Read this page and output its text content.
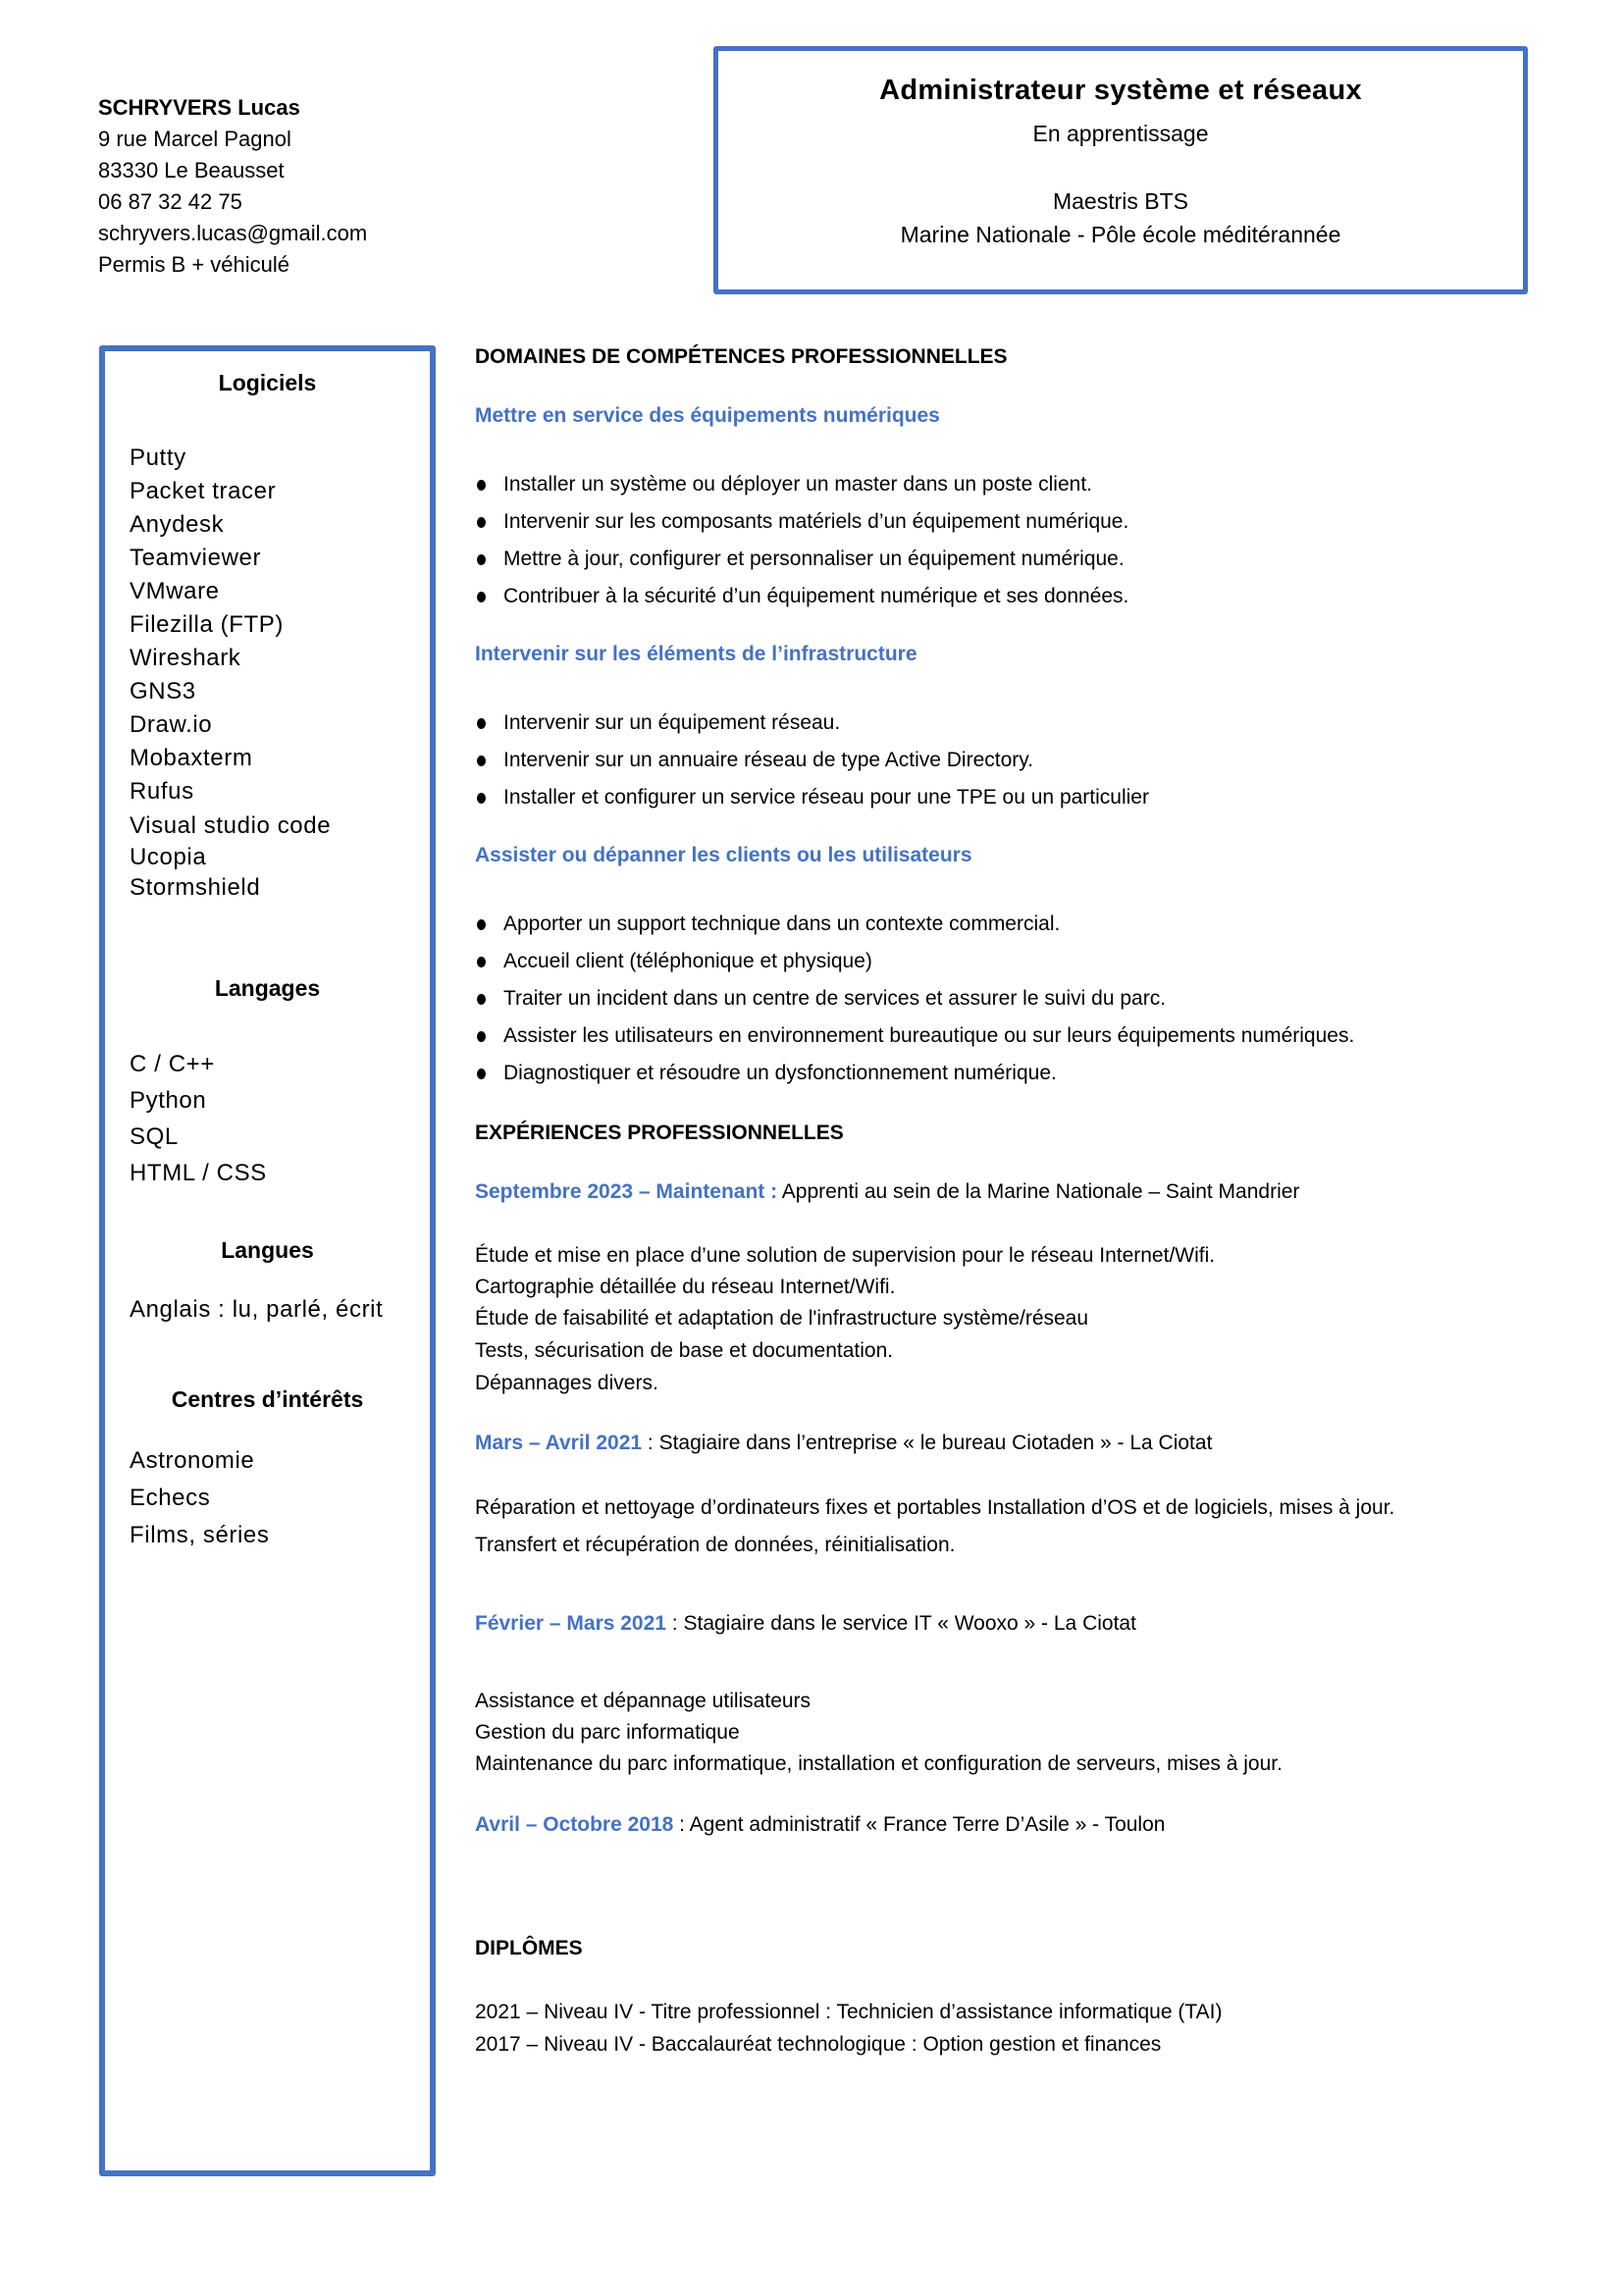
SCHRYVERS Lucas
9 rue Marcel Pagnol
83330 Le Beausset
06 87 32 42 75
schryvers.lucas@gmail.com
Permis B + véhiculé
Administrateur système et réseaux
En apprentissage
Maestris BTS
Marine Nationale - Pôle école méditérannée
Logiciels
Putty
Packet tracer
Anydesk
Teamviewer
VMware
Filezilla (FTP)
Wireshark
GNS3
Draw.io
Mobaxterm
Rufus
Visual studio code
Ucopia
Stormshield
Langages
C / C++
Python
SQL
HTML / CSS
Langues
Anglais : lu, parlé, écrit
Centres d’intérêts
Astronomie
Echecs
Films, séries
DOMAINES DE COMPÉTENCES PROFESSIONNELLES
Mettre en service des équipements numériques
Installer un système ou déployer un master dans un poste client.
Intervenir sur les composants matériels d’un équipement numérique.
Mettre à jour, configurer et personnaliser un équipement numérique.
Contribuer à la sécurité d’un équipement numérique et ses données.
Intervenir sur les éléments de l’infrastructure
Intervenir sur un équipement réseau.
Intervenir sur un annuaire réseau de type Active Directory.
Installer et configurer un service réseau pour une TPE ou un particulier
Assister ou dépanner les clients ou les utilisateurs
Apporter un support technique dans un contexte commercial.
Accueil client (téléphonique et physique)
Traiter un incident dans un centre de services et assurer le suivi du parc.
Assister les utilisateurs en environnement bureautique ou sur leurs équipements numériques.
Diagnostiquer et résoudre un dysfonctionnement numérique.
EXPÉRIENCES PROFESSIONNELLES
Septembre 2023 – Maintenant : Apprenti au sein de la Marine Nationale – Saint Mandrier
Étude et mise en place d’une solution de supervision pour le réseau Internet/Wifi.
Cartographie détaillée du réseau Internet/Wifi.
Étude de faisabilité et adaptation de l'infrastructure système/réseau
Tests, sécurisation de base et documentation.
Dépannages divers.
Mars – Avril 2021 : Stagiaire dans l’entreprise « le bureau Ciotaden » - La Ciotat
Réparation et nettoyage d’ordinateurs fixes et portables Installation d’OS et de logiciels, mises à jour.
Transfert et récupération de données, réinitialisation.
Février – Mars 2021 : Stagiaire dans le service IT « Wooxo » - La Ciotat
Assistance et dépannage utilisateurs
Gestion du parc informatique
Maintenance du parc informatique, installation et configuration de serveurs, mises à jour.
Avril – Octobre 2018 : Agent administratif « France Terre D’Asile » - Toulon
DIPLÔMES
2021 – Niveau IV - Titre professionnel : Technicien d’assistance informatique (TAI)
2017 – Niveau IV - Baccalauréat technologique : Option gestion et finances
